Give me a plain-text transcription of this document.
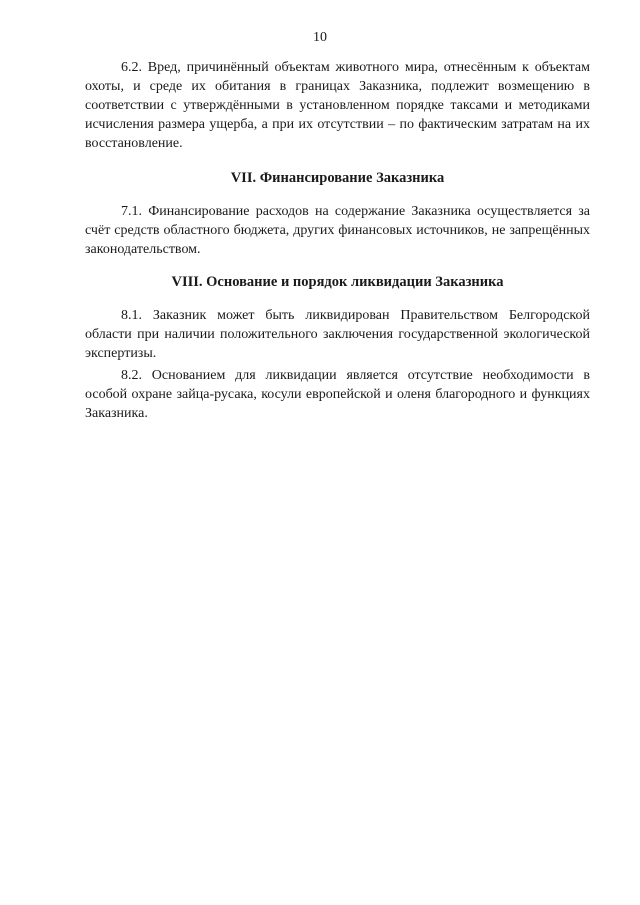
10

6.2. Вред, причинённый объектам животного мира, отнесённым к объектам охоты, и среде их обитания в границах Заказника, подлежит возмещению в соответствии с утверждёнными в установленном порядке таксами и методиками исчисления размера ущерба, а при их отсутствии – по фактическим затратам на их восстановление.

VII. Финансирование Заказника

7.1. Финансирование расходов на содержание Заказника осуществляется за счёт средств областного бюджета, других финансовых источников, не запрещённых законодательством.

VIII. Основание и порядок ликвидации Заказника

8.1. Заказник может быть ликвидирован Правительством Белгородской области при наличии положительного заключения государственной экологической экспертизы.

8.2. Основанием для ликвидации является отсутствие необходимости в особой охране зайца-русака, косули европейской и оленя благородного и функциях Заказника.
